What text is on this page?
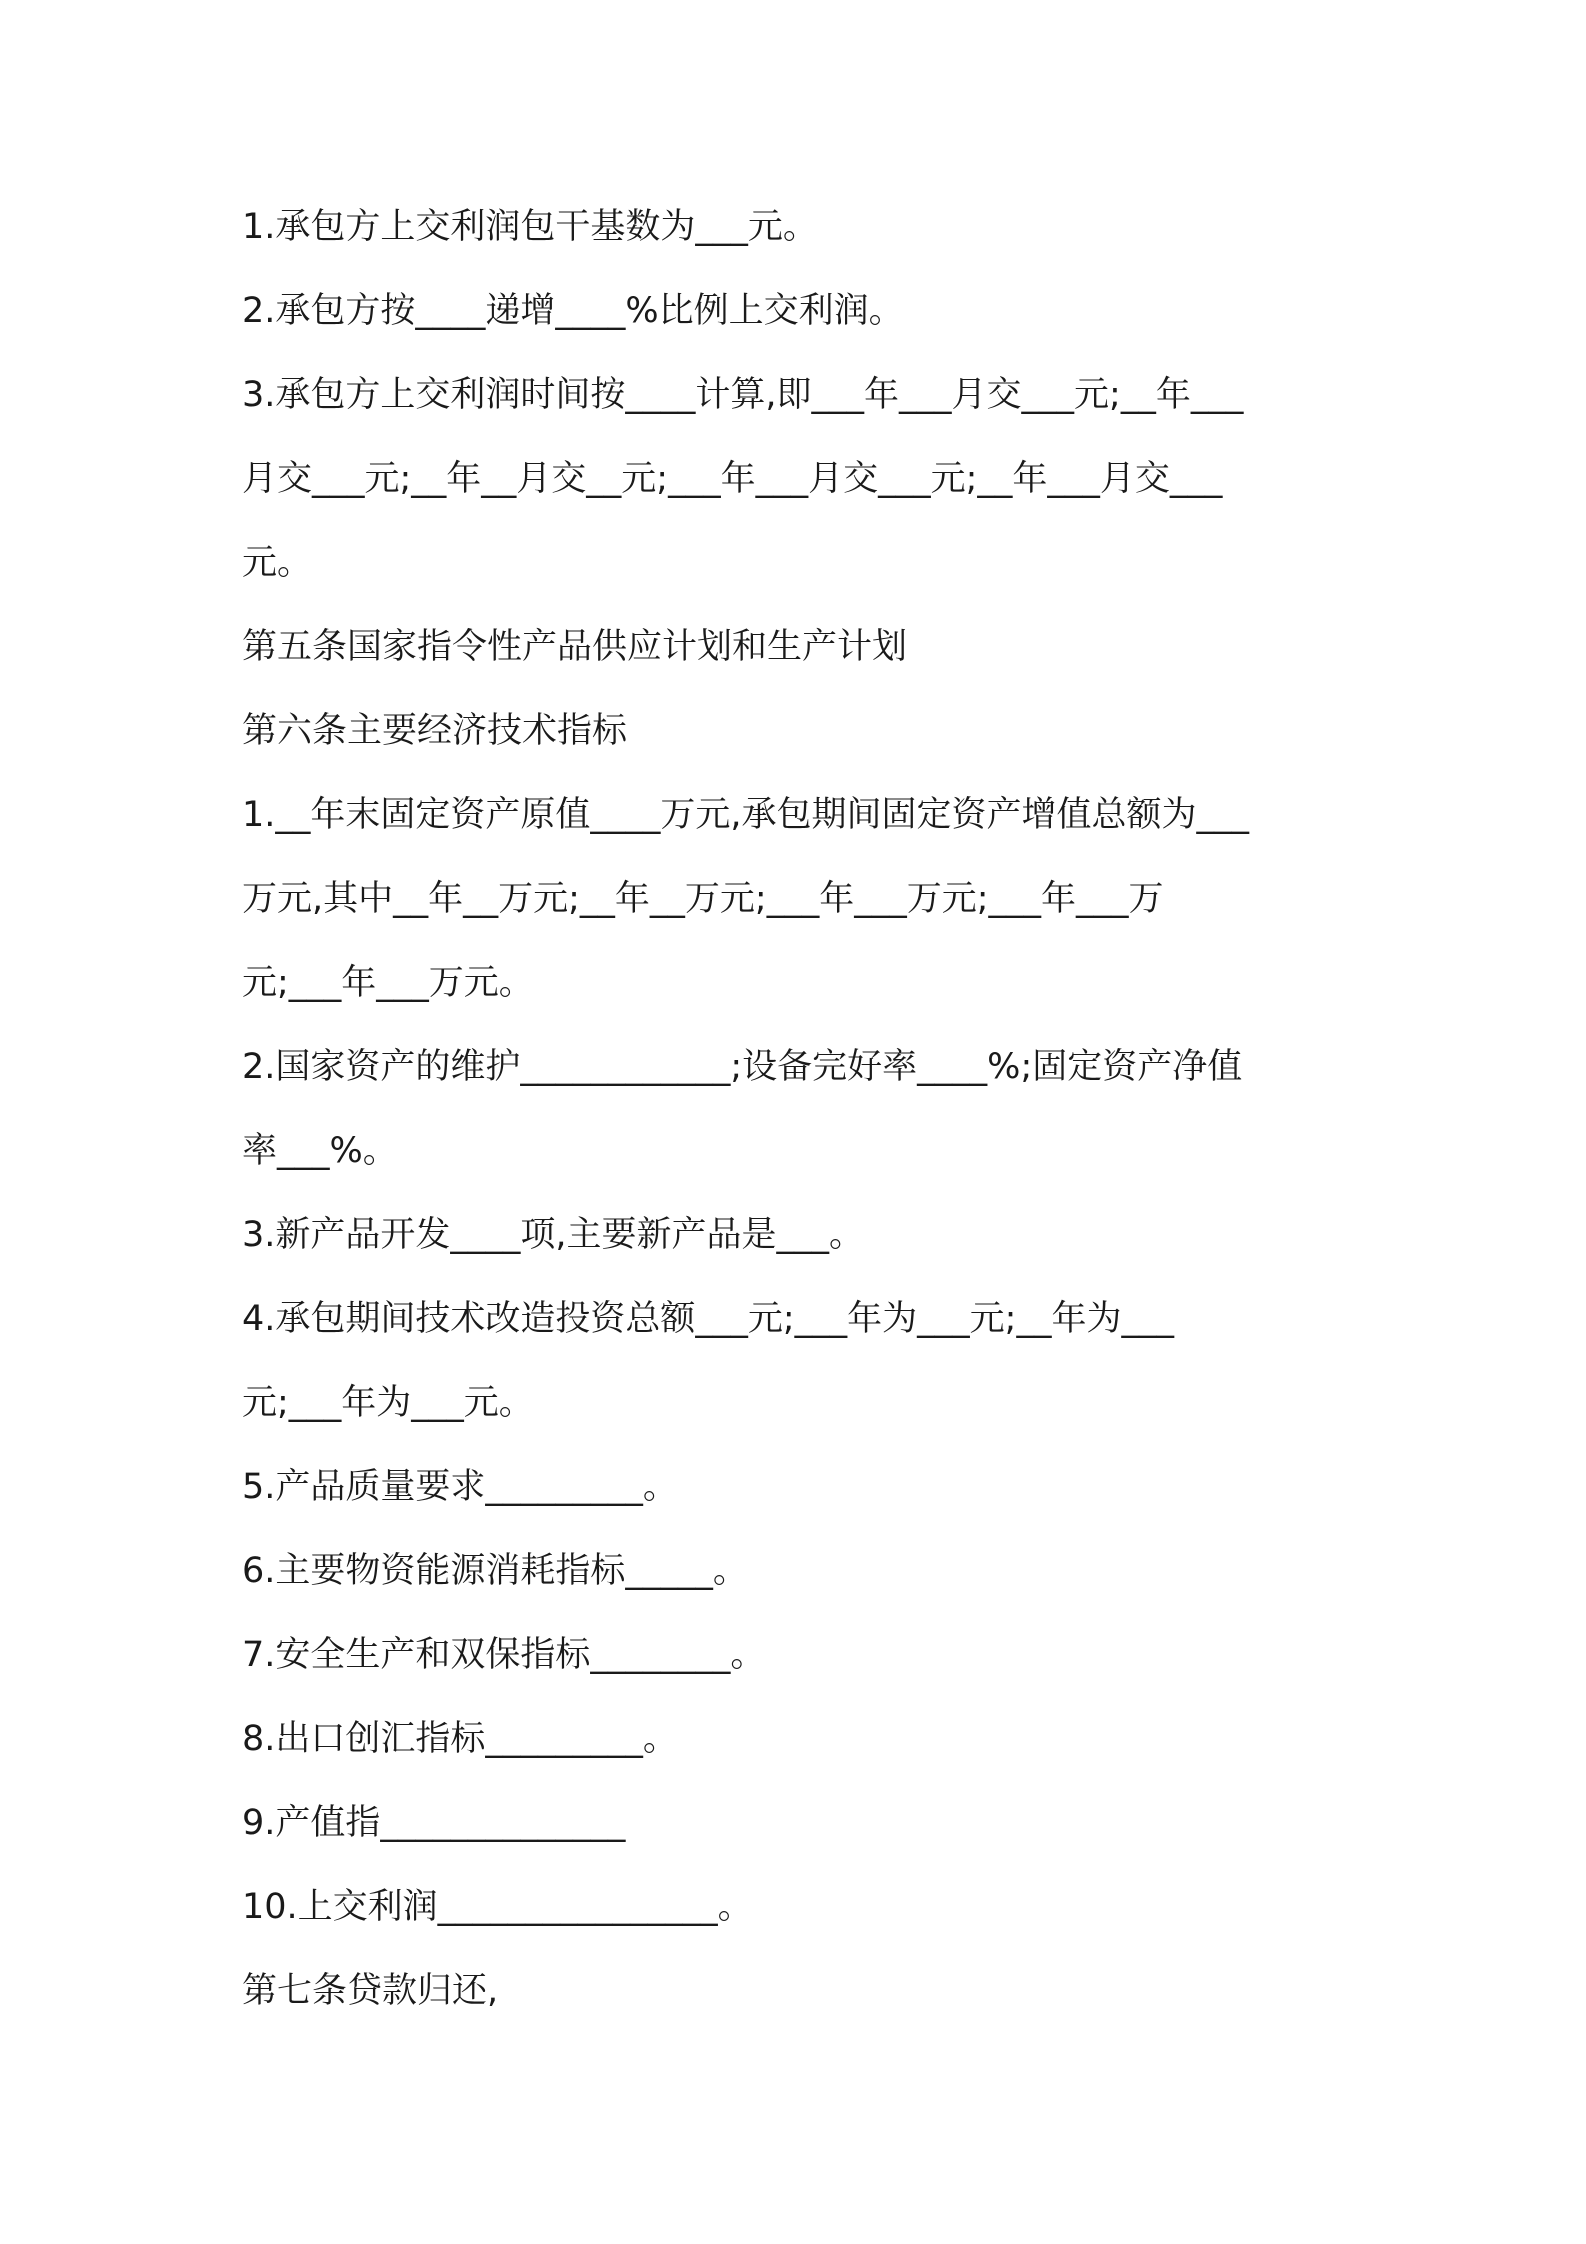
1.承包方上交利润包干基数为___元。
2.承包方按____递增____%比例上交利润。
3.承包方上交利润时间按____计算,即___年___月交___元;__年___
月交___元;__年__月交__元;___年___月交___元;__年___月交___
元。
第五条国家指令性产品供应计划和生产计划
第六条主要经济技术指标
1.__年末固定资产原值____万元,承包期间固定资产增值总额为___
万元,其中__年__万元;__年__万元;___年___万元;___年___万
元;___年___万元。
2.国家资产的维护____________;设备完好率____%;固定资产净值
率___%。
3.新产品开发____项,主要新产品是___。
4.承包期间技术改造投资总额___元;___年为___元;__年为___
元;___年为___元。
5.产品质量要求_________。
6.主要物资能源消耗指标_____。
7.安全生产和双保指标________。
8.出口创汇指标_________。
9.产值指______________
10.上交利润________________。
第七条贷款归还,
